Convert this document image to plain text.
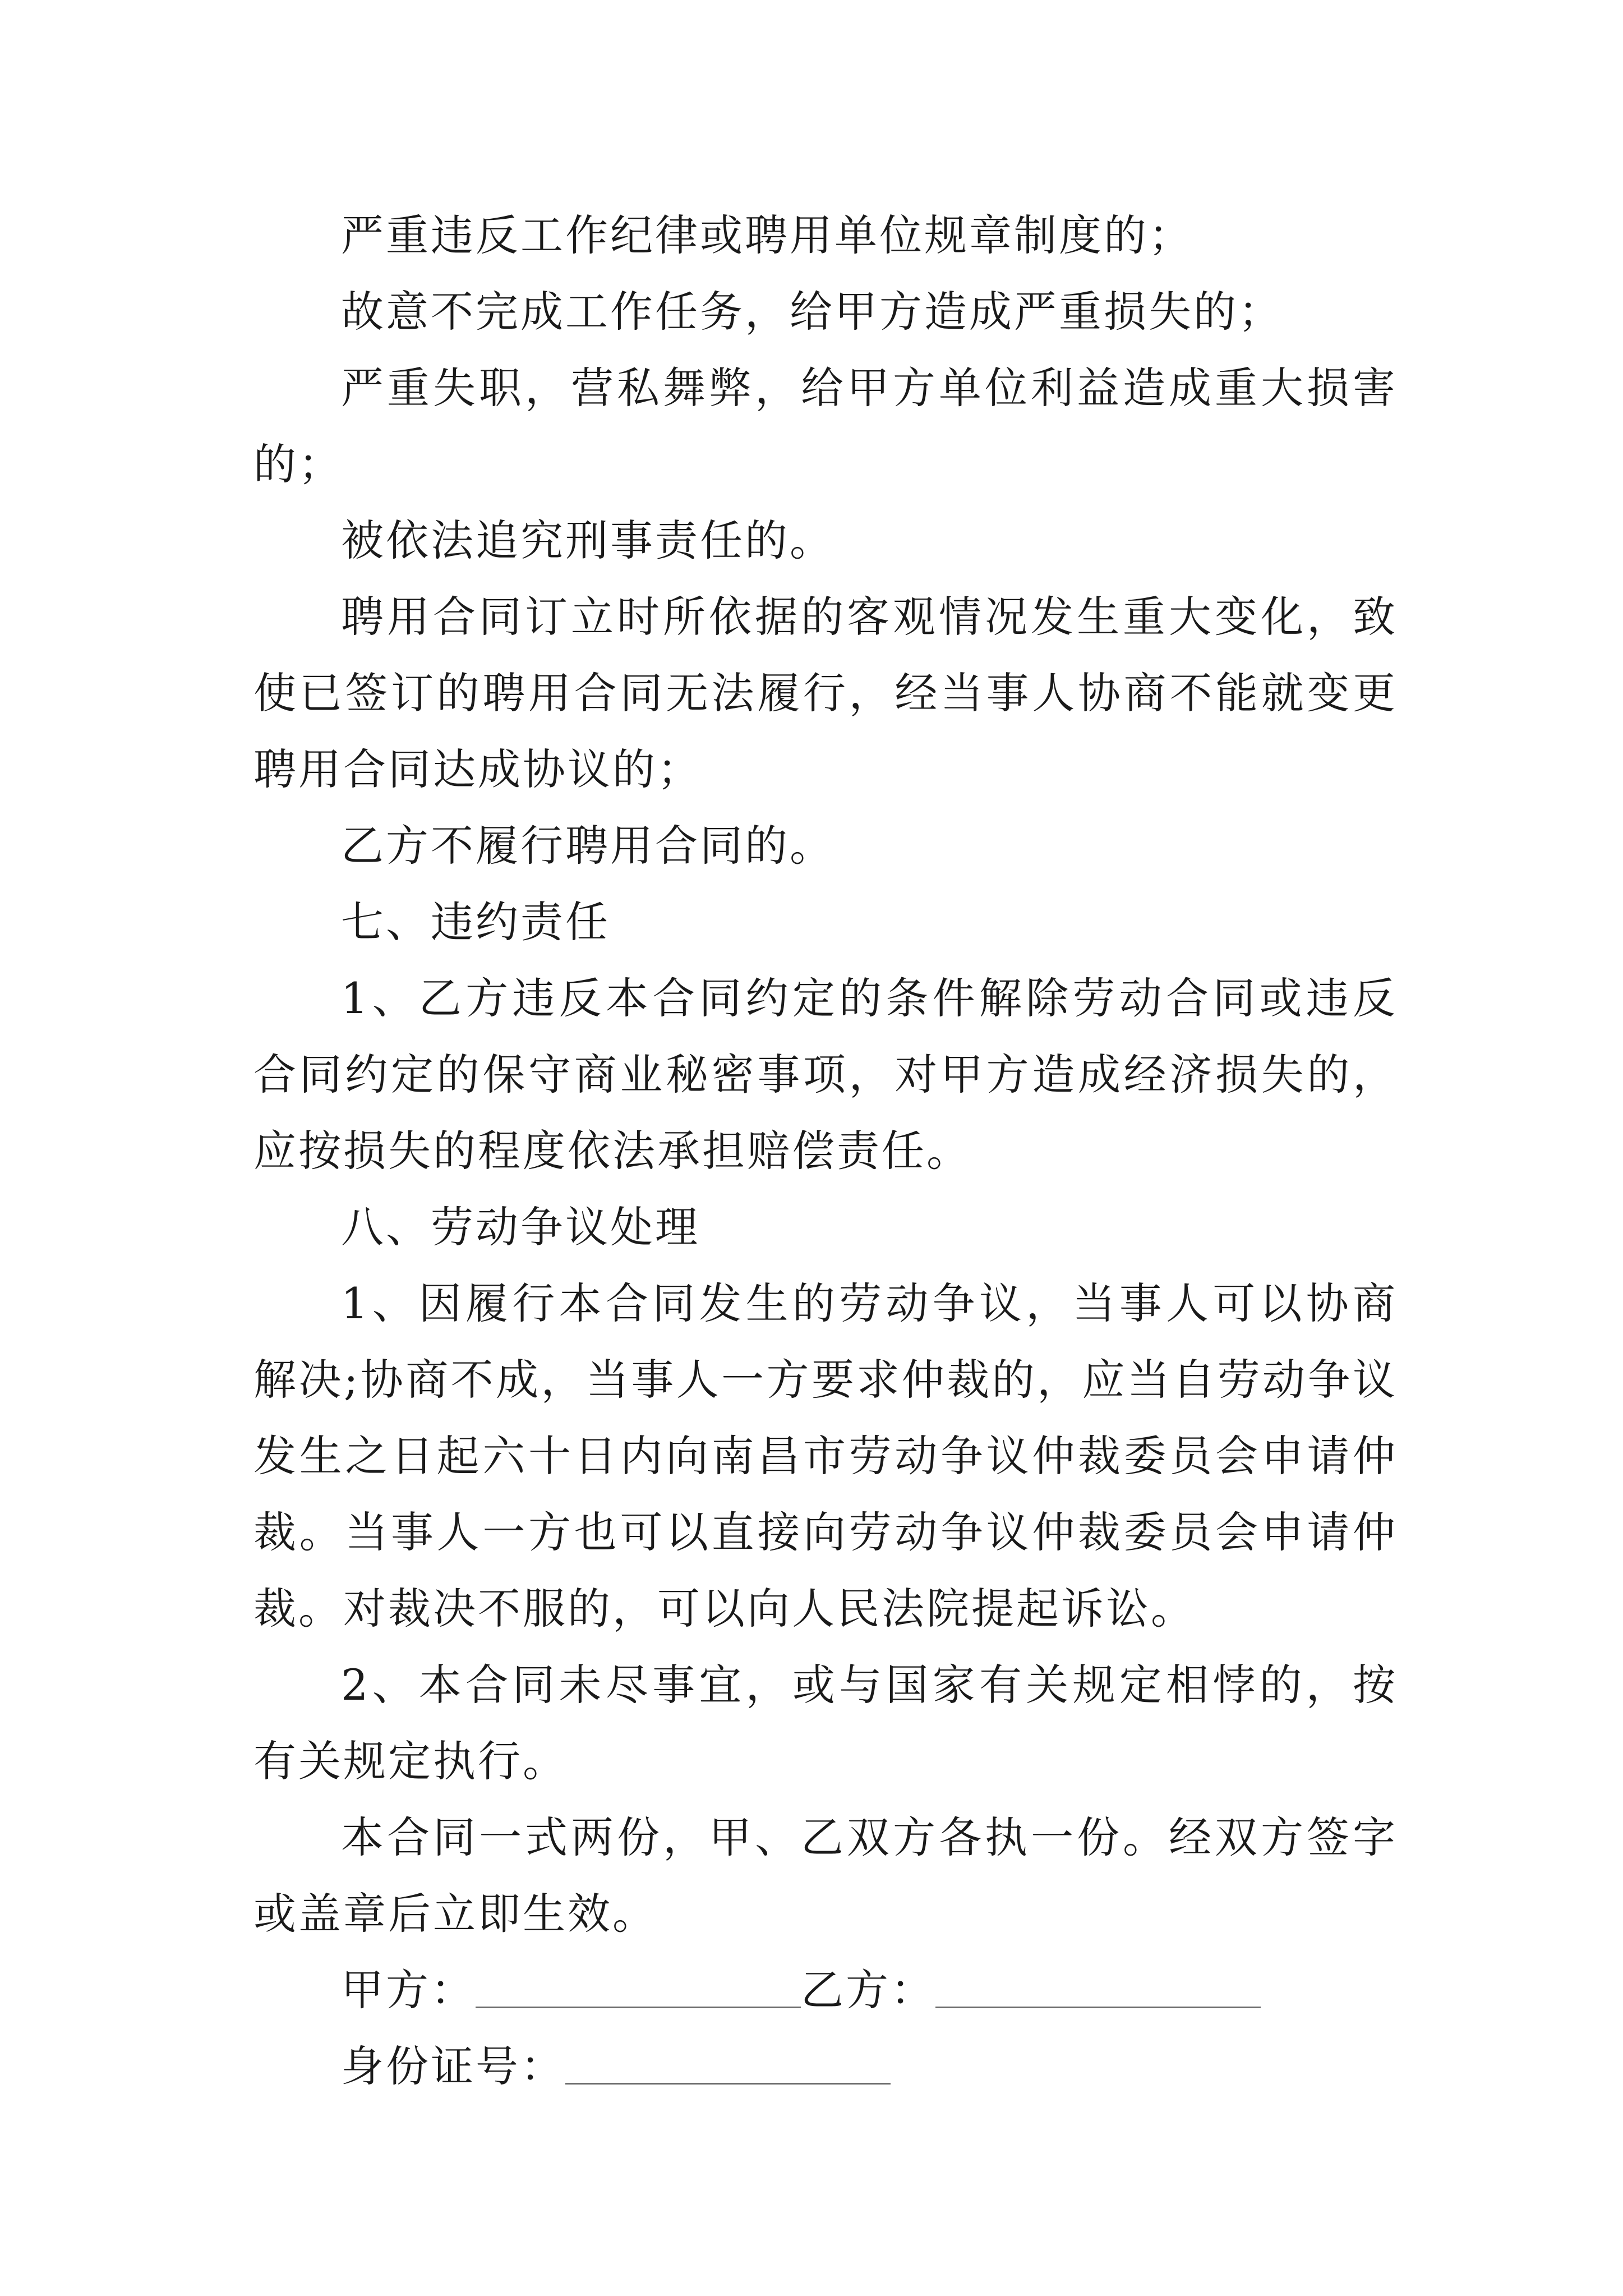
严重违反工作纪律或聘用单位规章制度的；

故意不完成工作任务，给甲方造成严重损失的；

严重失职，营私舞弊，给甲方单位利益造成重大损害的；

被依法追究刑事责任的。

聘用合同订立时所依据的客观情况发生重大变化，致使已签订的聘用合同无法履行，经当事人协商不能就变更聘用合同达成协议的；

乙方不履行聘用合同的。

七、违约责任

1、乙方违反本合同约定的条件解除劳动合同或违反合同约定的保守商业秘密事项，对甲方造成经济损失的，应按损失的程度依法承担赔偿责任。

八、劳动争议处理

1、因履行本合同发生的劳动争议，当事人可以协商解决;协商不成，当事人一方要求仲裁的，应当自劳动争议发生之日起六十日内向南昌市劳动争议仲裁委员会申请仲裁。当事人一方也可以直接向劳动争议仲裁委员会申请仲裁。对裁决不服的，可以向人民法院提起诉讼。

2、本合同未尽事宜，或与国家有关规定相悖的，按有关规定执行。

本合同一式两份，甲、乙双方各执一份。经双方签字或盖章后立即生效。

甲方：	乙方：
身份证号：
